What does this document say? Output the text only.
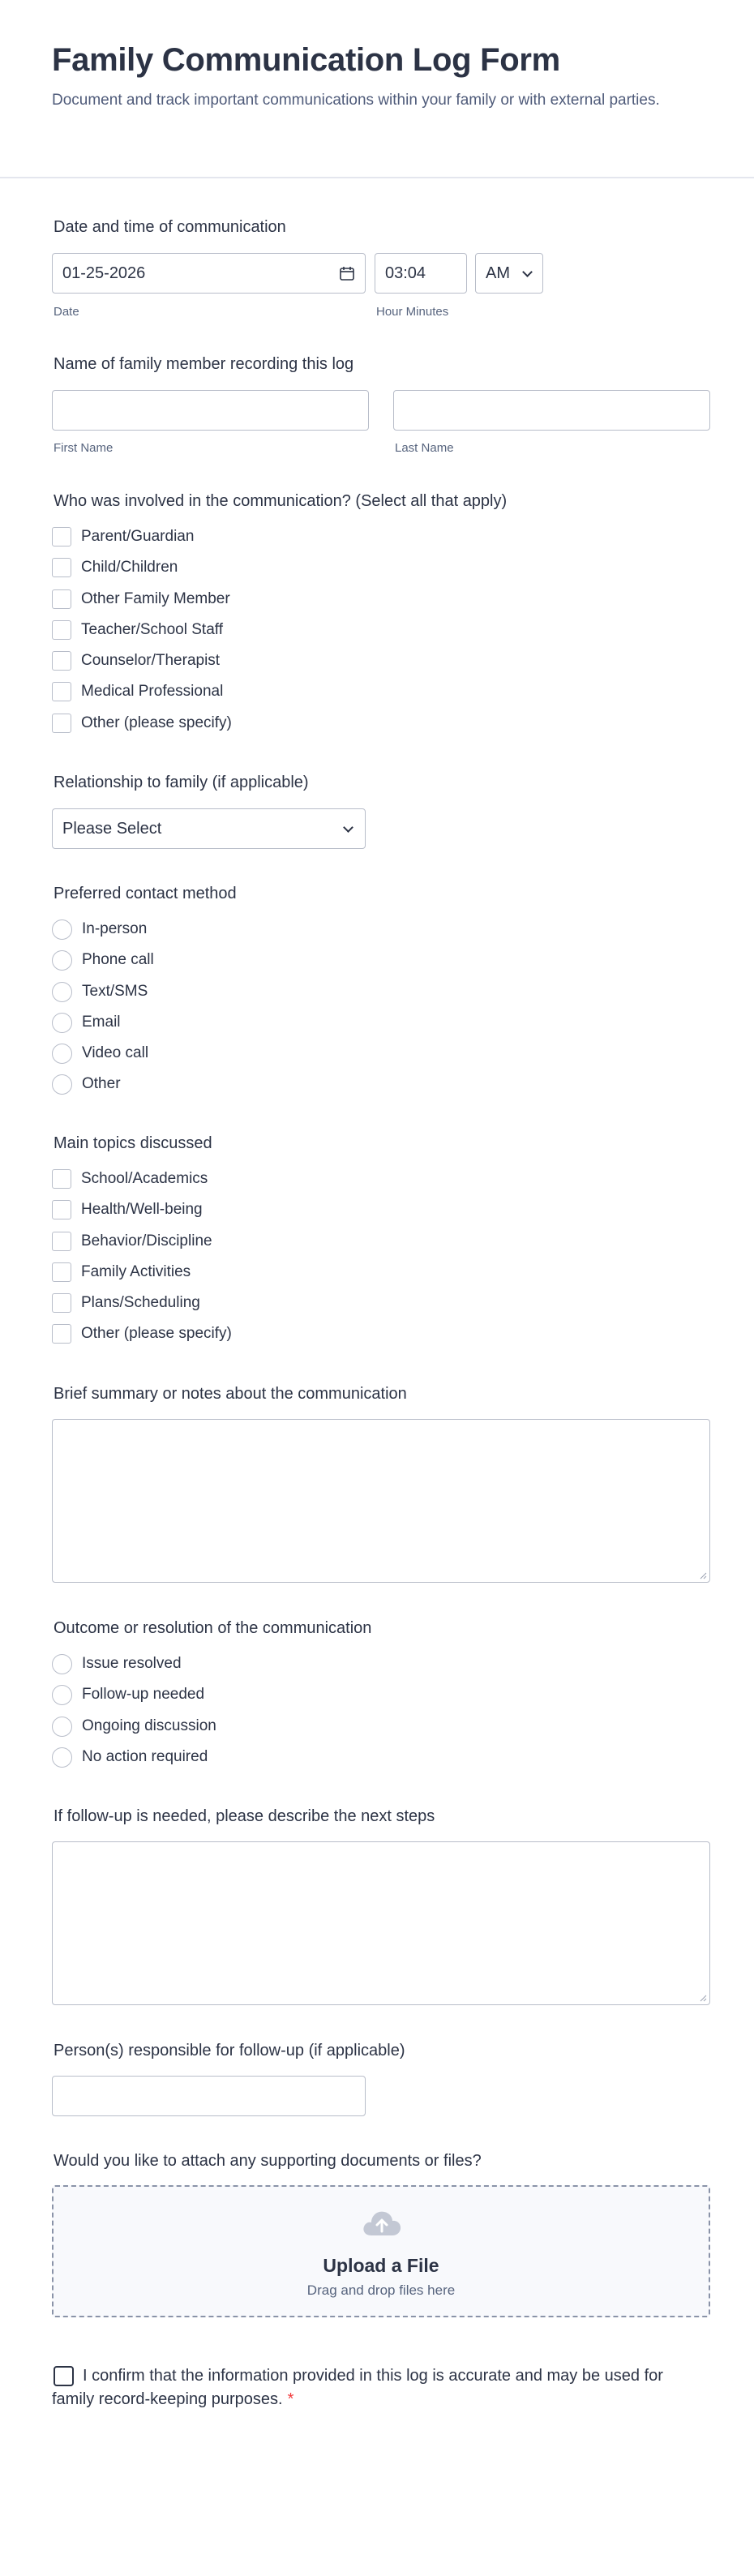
Family Communication Log Form
Document and track important communications within your family or with external parties.
Date and time of communication
01-25-2026
Date
03:04
Hour Minutes
AM
Name of family member recording this log
First Name	Last Name
Who was involved in the communication? (Select all that apply)
Parent/Guardian
Child/Children
Other Family Member
Teacher/School Staff
Counselor/Therapist
Medical Professional
Other (please specify)
Relationship to family (if applicable)
Please Select
Preferred contact method
In-person
Phone call
Text/SMS
Email
Video call
Other
Main topics discussed
School/Academics
Health/Well-being
Behavior/Discipline
Family Activities
Plans/Scheduling
Other (please specify)
Brief summary or notes about the communication
Outcome or resolution of the communication
Issue resolved
Follow-up needed
Ongoing discussion
No action required
If follow-up is needed, please describe the next steps
Person(s) responsible for follow-up (if applicable)
Would you like to attach any supporting documents or files?
Upload a File
Drag and drop files here
I confirm that the information provided in this log is accurate and may be used for family record-keeping purposes. *
